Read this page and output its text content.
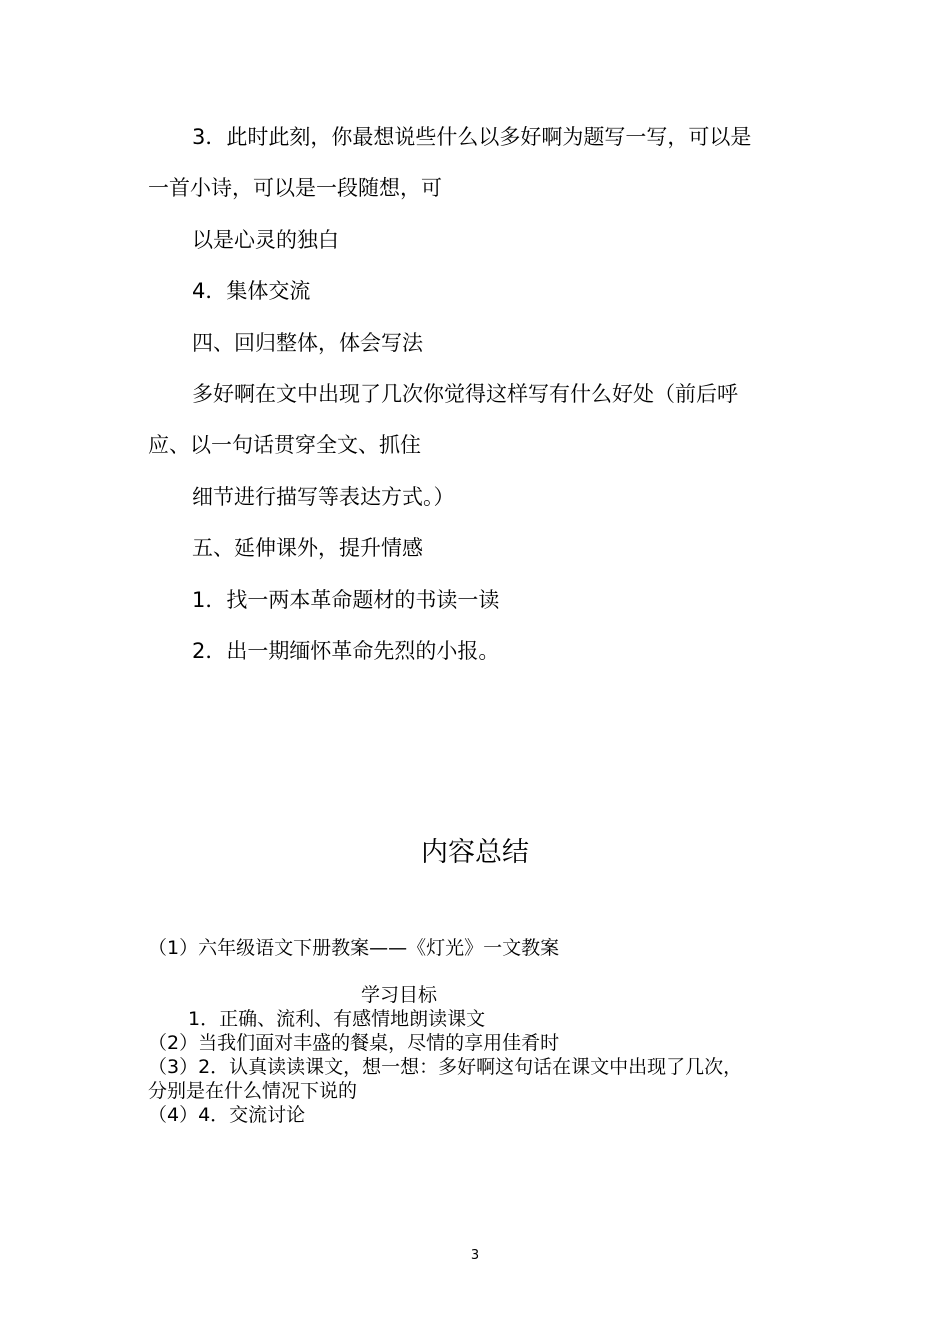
3．此时此刻，你最想说些什么以多好啊为题写一写，可以是
一首小诗，可以是一段随想，可
以是心灵的独白
4．集体交流
四、回归整体，体会写法
多好啊在文中出现了几次你觉得这样写有什么好处（前后呼
应、以一句话贯穿全文、抓住
细节进行描写等表达方式。）
五、延伸课外，提升情感
1．找一两本革命题材的书读一读
2．出一期缅怀革命先烈的小报。
内容总结
（1）六年级语文下册教案——《灯光》一文教案
学习目标
1．正确、流利、有感情地朗读课文
（2）当我们面对丰盛的餐桌，尽情的享用佳肴时
（3）2．认真读读课文，想一想：多好啊这句话在课文中出现了几次，
分别是在什么情况下说的
（4）4．交流讨论
3
